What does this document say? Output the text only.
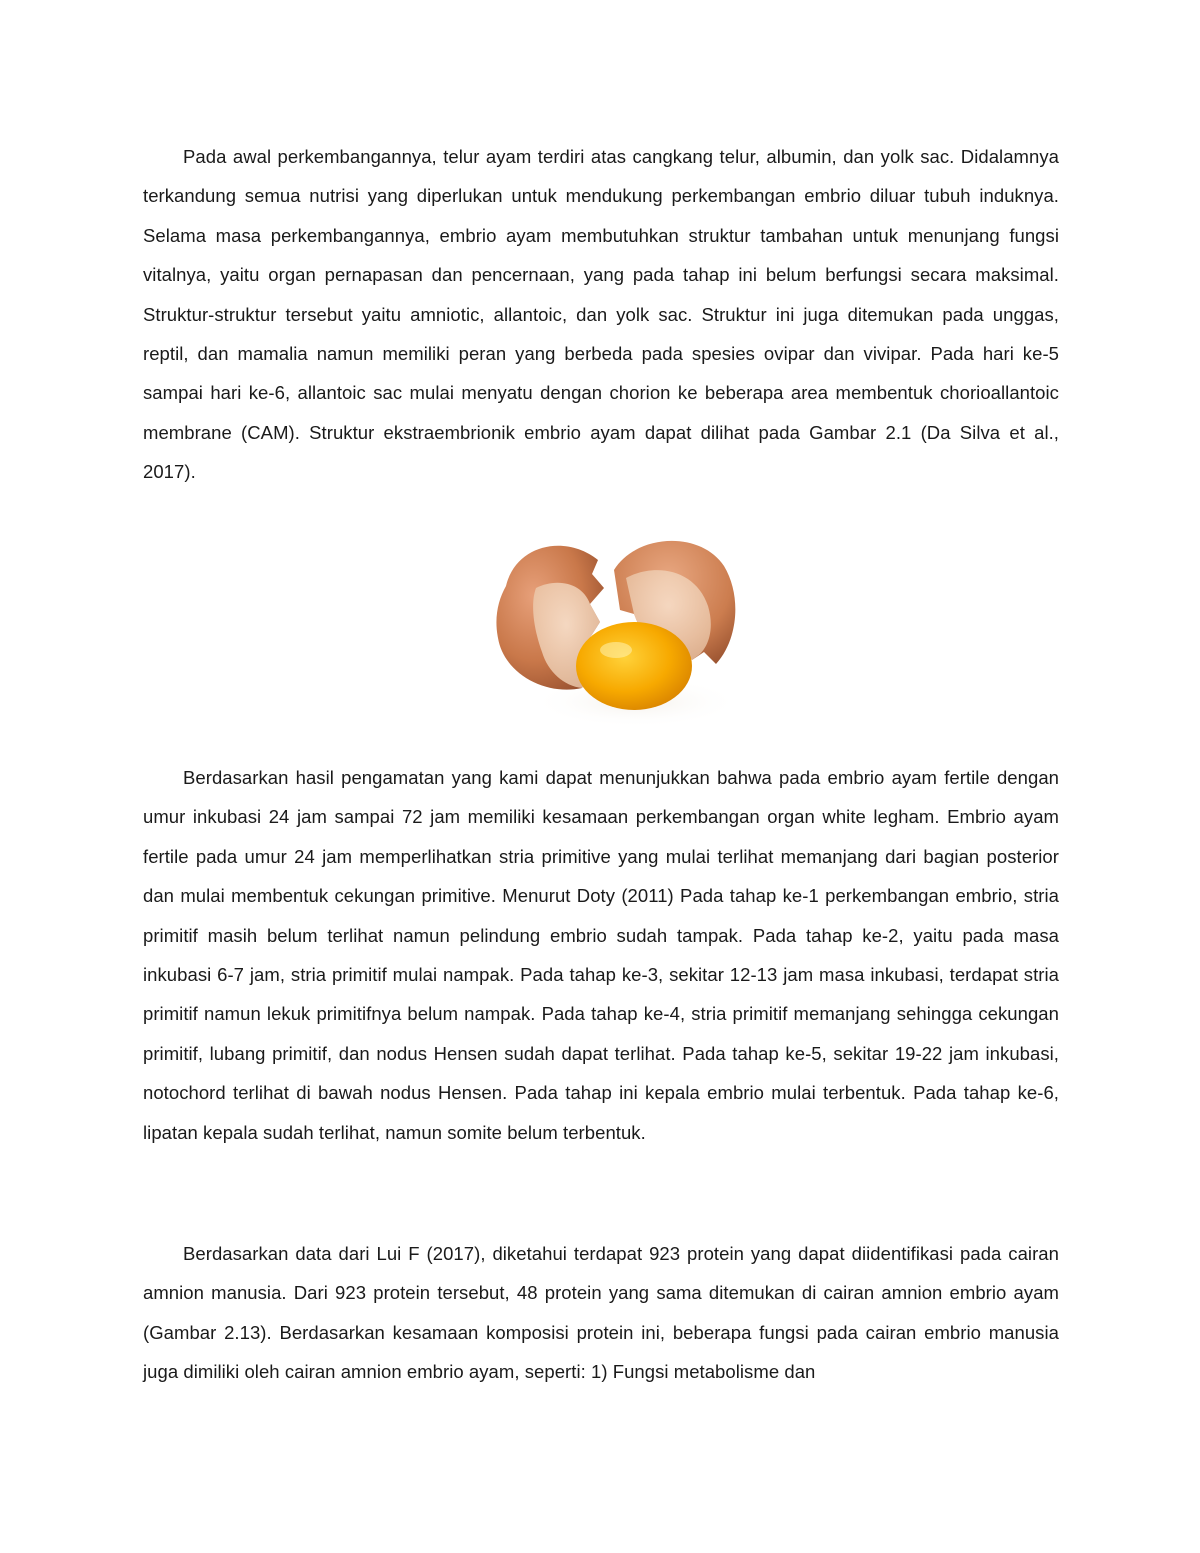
Pada awal perkembangannya, telur ayam terdiri atas cangkang telur, albumin, dan yolk sac. Didalamnya terkandung semua nutrisi yang diperlukan untuk mendukung perkembangan embrio diluar tubuh induknya. Selama masa perkembangannya, embrio ayam membutuhkan struktur tambahan untuk menunjang fungsi vitalnya, yaitu organ pernapasan dan pencernaan, yang pada tahap ini belum berfungsi secara maksimal. Struktur-struktur tersebut yaitu amniotic, allantoic, dan yolk sac. Struktur ini juga ditemukan pada unggas, reptil, dan mamalia namun memiliki peran yang berbeda pada spesies ovipar dan vivipar. Pada hari ke-5 sampai hari ke-6, allantoic sac mulai menyatu dengan chorion ke beberapa area membentuk chorioallantoic membrane (CAM). Struktur ekstraembrionik embrio ayam dapat dilihat pada Gambar 2.1 (Da Silva et al., 2017).

Berdasarkan hasil pengamatan yang kami dapat menunjukkan bahwa pada embrio ayam fertile dengan umur inkubasi 24 jam sampai 72 jam memiliki kesamaan perkembangan organ white legham. Embrio ayam fertile pada umur 24 jam memperlihatkan stria primitive yang mulai terlihat memanjang dari bagian posterior dan mulai membentuk cekungan primitive. Menurut Doty (2011) Pada tahap ke-1 perkembangan embrio, stria primitif masih belum terlihat namun pelindung embrio sudah tampak. Pada tahap ke-2, yaitu pada masa inkubasi 6-7 jam, stria primitif mulai nampak. Pada tahap ke-3, sekitar 12-13 jam masa inkubasi, terdapat stria primitif namun lekuk primitifnya belum nampak. Pada tahap ke-4, stria primitif memanjang sehingga cekungan primitif, lubang primitif, dan nodus Hensen sudah dapat terlihat. Pada tahap ke-5, sekitar 19-22 jam inkubasi, notochord terlihat di bawah nodus Hensen. Pada tahap ini kepala embrio mulai terbentuk. Pada tahap ke-6, lipatan kepala sudah terlihat, namun somite belum terbentuk.

Berdasarkan data dari Lui F (2017), diketahui terdapat 923 protein yang dapat diidentifikasi pada cairan amnion manusia. Dari 923 protein tersebut, 48 protein yang sama ditemukan di cairan amnion embrio ayam (Gambar 2.13). Berdasarkan kesamaan komposisi protein ini, beberapa fungsi pada cairan embrio manusia juga dimiliki oleh cairan amnion embrio ayam, seperti: 1) Fungsi metabolisme dan
